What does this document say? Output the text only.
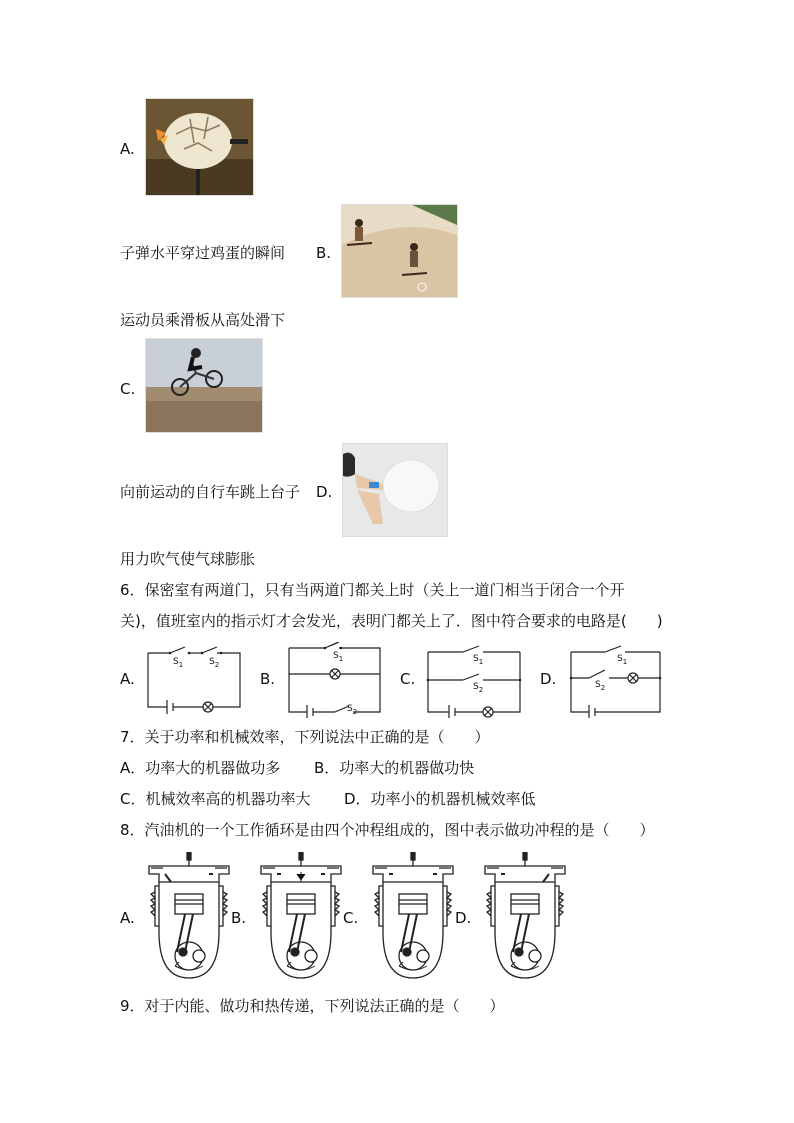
A.
子弹水平穿过鸡蛋的瞬间 B.
运动员乘滑板从高处滑下
C.
向前运动的自行车跳上台子 D.
用力吹气使气球膨胀
6．保密室有两道门，只有当两道门都关上时（关上一道门相当于闭合一个开
关)，值班室内的指示灯才会发光，表明门都关上了．图中符合要求的电路是(　　)
A.
$S_1$	$S_2$
B.
$S_1$
$S_2$
C.
$S_1$
$S_2$
D.
$S_1$
$S_2$
7．关于功率和机械效率，下列说法中正确的是（　　）
A．功率大的机器做功多 B．功率大的机器做功快
C．机械效率高的机器功率大 D．功率小的机器机械效率低
8．汽油机的一个工作循环是由四个冲程组成的，图中表示做功冲程的是（　　）
A.	B.	C.	D.
9．对于内能、做功和热传递，下列说法正确的是（　　）
